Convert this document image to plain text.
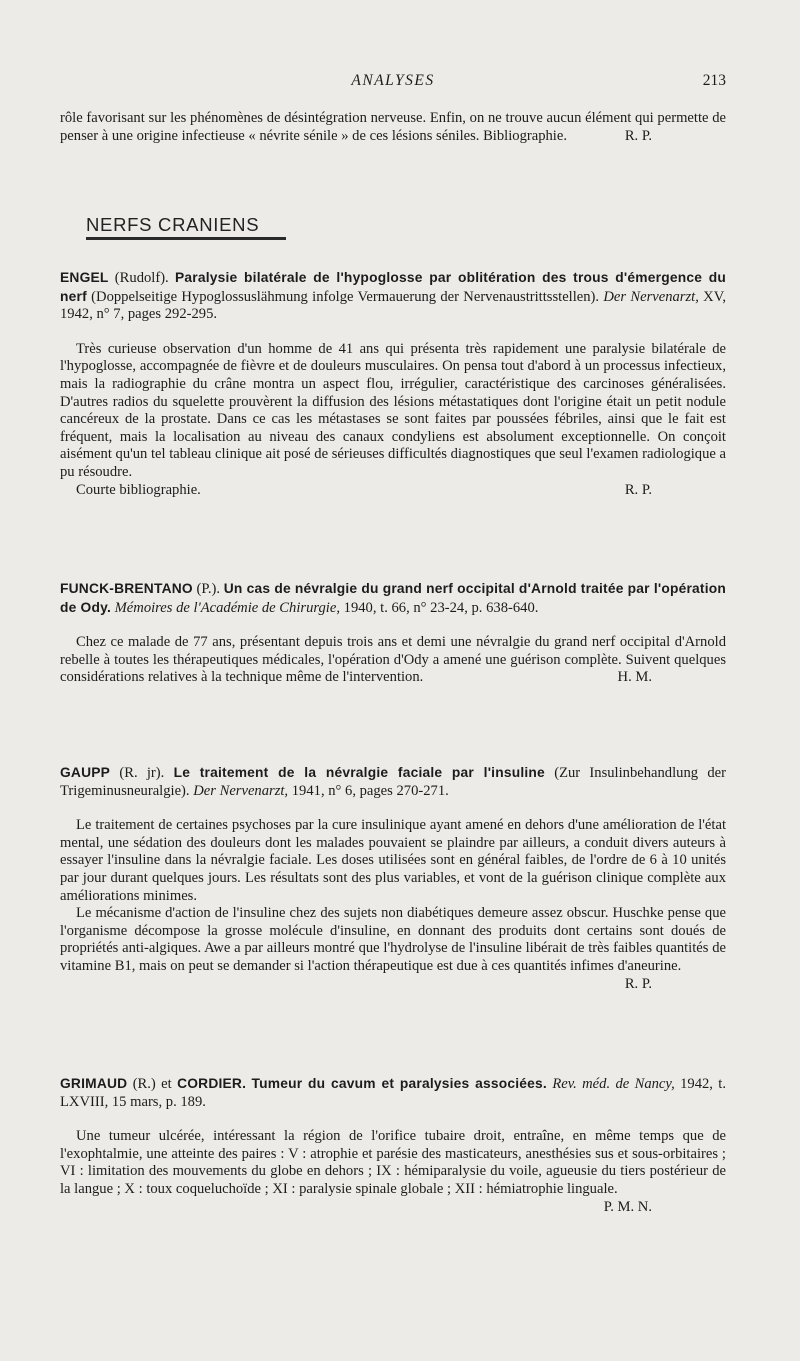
ANALYSES	213

rôle favorisant sur les phénomènes de désintégration nerveuse. Enfin, on ne trouve aucun élément qui permette de penser à une origine infectieuse « névrite sénile » de ces lésions séniles. Bibliographie.	R. P.

NERFS CRANIENS

ENGEL (Rudolf). Paralysie bilatérale de l'hypoglosse par oblitération des trous d'émergence du nerf (Doppelseitige Hypoglossuslähmung infolge Vermauerung der Nervenaustrittsstellen). Der Nervenarzt, XV, 1942, n° 7, pages 292-295.

Très curieuse observation d'un homme de 41 ans qui présenta très rapidement une paralysie bilatérale de l'hypoglosse, accompagnée de fièvre et de douleurs musculaires. On pensa tout d'abord à un processus infectieux, mais la radiographie du crâne montra un aspect flou, irrégulier, caractéristique des carcinoses généralisées. D'autres radios du squelette prouvèrent la diffusion des lésions métastatiques dont l'origine était un petit nodule cancéreux de la prostate. Dans ce cas les métastases se sont faites par poussées fébriles, ainsi que le fait est fréquent, mais la localisation au niveau des canaux condyliens est absolument exceptionnelle. On conçoit aisément qu'un tel tableau clinique ait posé de sérieuses difficultés diagnostiques que seul l'examen radiologique a pu résoudre.

Courte bibliographie.	R. P.

FUNCK-BRENTANO (P.). Un cas de névralgie du grand nerf occipital d'Arnold traitée par l'opération de Ody. Mémoires de l'Académie de Chirurgie, 1940, t. 66, n° 23-24, p. 638-640.

Chez ce malade de 77 ans, présentant depuis trois ans et demi une névralgie du grand nerf occipital d'Arnold rebelle à toutes les thérapeutiques médicales, l'opération d'Ody a amené une guérison complète. Suivent quelques considérations relatives à la technique même de l'intervention.	H. M.

GAUPP (R. jr). Le traitement de la névralgie faciale par l'insuline (Zur Insulinbehandlung der Trigeminusneuralgie). Der Nervenarzt, 1941, n° 6, pages 270-271.

Le traitement de certaines psychoses par la cure insulinique ayant amené en dehors d'une amélioration de l'état mental, une sédation des douleurs dont les malades pouvaient se plaindre par ailleurs, a conduit divers auteurs à essayer l'insuline dans la névralgie faciale. Les doses utilisées sont en général faibles, de l'ordre de 6 à 10 unités par jour durant quelques jours. Les résultats sont des plus variables, et vont de la guérison clinique complète aux améliorations minimes.

Le mécanisme d'action de l'insuline chez des sujets non diabétiques demeure assez obscur. Huschke pense que l'organisme décompose la grosse molécule d'insuline, en donnant des produits dont certains sont doués de propriétés anti-algiques. Awe a par ailleurs montré que l'hydrolyse de l'insuline libérait de très faibles quantités de vitamine B1, mais on peut se demander si l'action thérapeutique est due à ces quantités infimes d'aneurine.
R. P.

GRIMAUD (R.) et CORDIER. Tumeur du cavum et paralysies associées. Rev. méd. de Nancy, 1942, t. LXVIII, 15 mars, p. 189.

Une tumeur ulcérée, intéressant la région de l'orifice tubaire droit, entraîne, en même temps que de l'exophtalmie, une atteinte des paires : V : atrophie et parésie des masticateurs, anesthésies sus et sous-orbitaires ; VI : limitation des mouvements du globe en dehors ; IX : hémiparalysie du voile, agueusie du tiers postérieur de la langue ; X : toux coqueluchoïde ; XI : paralysie spinale globale ; XII : hémiatrophie linguale.

P. M. N.
